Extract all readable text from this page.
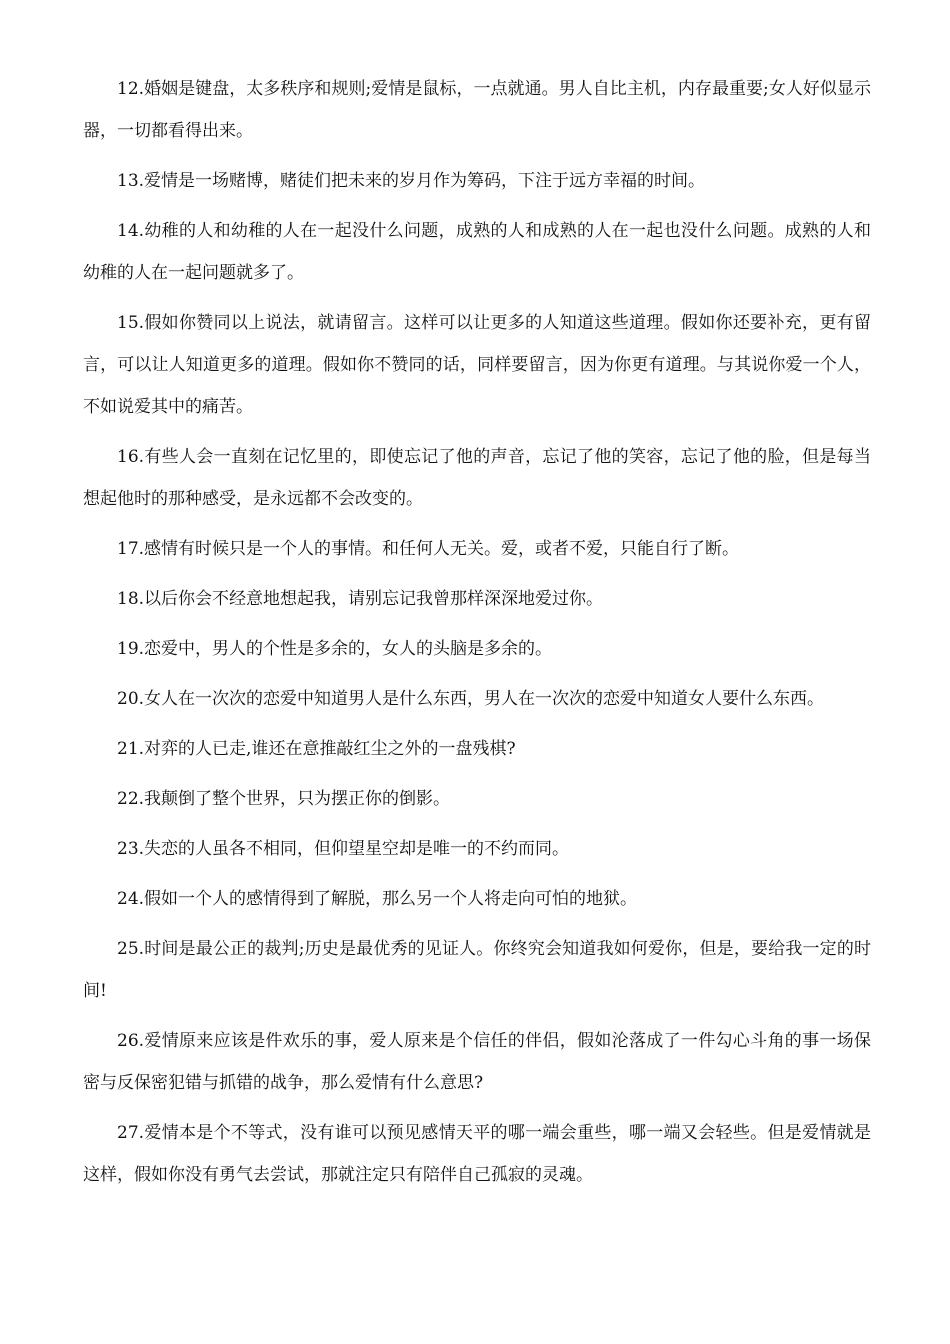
12.婚姻是键盘，太多秩序和规则;爱情是鼠标，一点就通。男人自比主机，内存最重要;女人好似显示器，一切都看得出来。

13.爱情是一场赌博，赌徒们把未来的岁月作为筹码，下注于远方幸福的时间。

14.幼稚的人和幼稚的人在一起没什么问题，成熟的人和成熟的人在一起也没什么问题。成熟的人和幼稚的人在一起问题就多了。

15.假如你赞同以上说法，就请留言。这样可以让更多的人知道这些道理。假如你还要补充，更有留言，可以让人知道更多的道理。假如你不赞同的话，同样要留言，因为你更有道理。与其说你爱一个人，不如说爱其中的痛苦。

16.有些人会一直刻在记忆里的，即使忘记了他的声音，忘记了他的笑容，忘记了他的脸，但是每当想起他时的那种感受，是永远都不会改变的。

17.感情有时候只是一个人的事情。和任何人无关。爱，或者不爱，只能自行了断。

18.以后你会不经意地想起我，请别忘记我曾那样深深地爱过你。

19.恋爱中，男人的个性是多余的，女人的头脑是多余的。

20.女人在一次次的恋爱中知道男人是什么东西，男人在一次次的恋爱中知道女人要什么东西。

21.对弈的人已走,谁还在意推敲红尘之外的一盘残棋?

22.我颠倒了整个世界，只为摆正你的倒影。

23.失恋的人虽各不相同，但仰望星空却是唯一的不约而同。

24.假如一个人的感情得到了解脱，那么另一个人将走向可怕的地狱。

25.时间是最公正的裁判;历史是最优秀的见证人。你终究会知道我如何爱你，但是，要给我一定的时间!

26.爱情原来应该是件欢乐的事，爱人原来是个信任的伴侣，假如沦落成了一件勾心斗角的事一场保密与反保密犯错与抓错的战争，那么爱情有什么意思?

27.爱情本是个不等式，没有谁可以预见感情天平的哪一端会重些，哪一端又会轻些。但是爱情就是这样，假如你没有勇气去尝试，那就注定只有陪伴自己孤寂的灵魂。
